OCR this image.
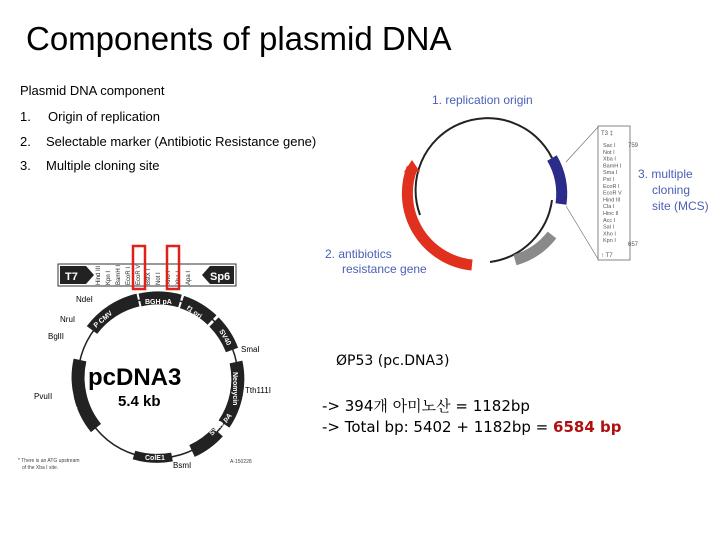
Components of plasmid DNA
Plasmid DNA component
1. Origin of replication
2. Selectable marker (Antibiotic Resistance gene)
3. Multiple cloning site
T3 ‡
759
Sac I
Not I
Xba I
BamH I
Sma I
Pst I
EcoR I
EcoR V
Hind III
Cla I
Hinc II
Acc I
Sal I
Xho I
Kpn I
657
↑ T7
1. replication origin
2. antibiotics
resistance gene
3. multiple
cloning
site (MCS)
T7	Sp6
Hind III Kpn I BamH I EcoR I EcoR V BstX I Not I Xho I Xba I Apa I
P CMV
BGH pA
f1 ori
SV40
Neomycin
SV40 pA
ColE1
Ampicillin
pcDNA3
5.4 kb
NdeI
NruI
BglII
PvuII
SmaI
Tth111I
BsmI
* There is an ATG upstream
of the Xba I site.
A-150228
ØP53 (pc.DNA3)
-> 394개 아미노산 = 1182bp
-> Total bp: 5402 + 1182bp = 6584 bp
